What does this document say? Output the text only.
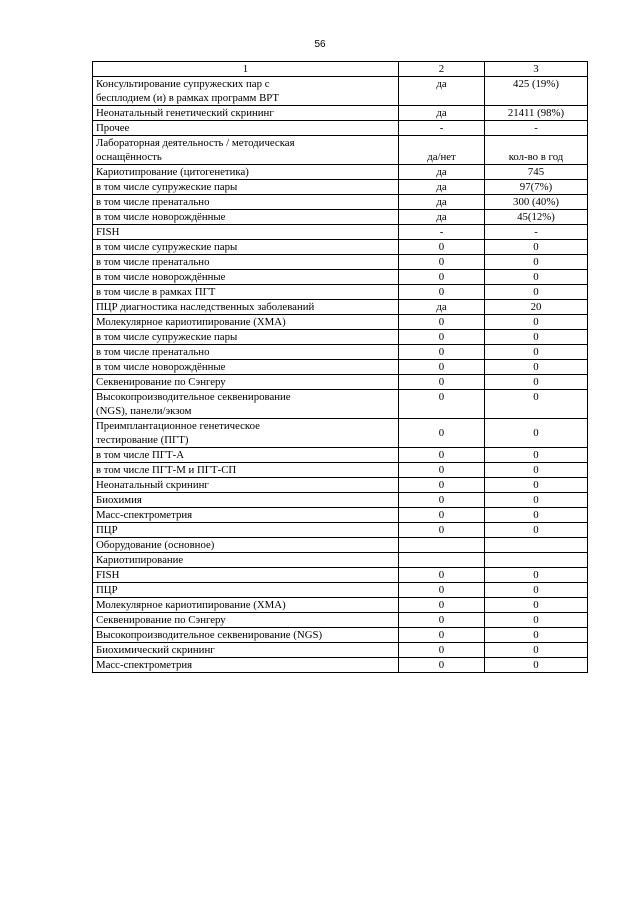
56
1	2	3
Консультирование супружеских пар с
бесплодием (и) в рамках программ ВРТ	да	425 (19%)
Неонатальный генетический скрининг	да	21411 (98%)
Прочее	-	-
Лабораторная деятельность / методическая
оснащённость	да/нет	кол-во в год
Кариотипрование (цитогенетика)	да	745
в том числе супружеские пары	да	97(7%)
в том числе пренатально	да	300 (40%)
в том числе новорождённые	да	45(12%)
FISH	-	-
в том числе супружеские пары	0	0
в том числе пренатально	0	0
в том числе новорождённые	0	0
в том числе в рамках ПГТ	0	0
ПЦР диагностика наследственных заболеваний	да	20
Молекулярное кариотипирование (ХМА)	0	0
в том числе супружеские пары	0	0
в том числе пренатально	0	0
в том числе новорождённые	0	0
Секвенирование по Сэнгеру	0	0
Высокопроизводительное секвенирование
(NGS), панели/экзом	0	0
Преимплантационное генетическое
тестирование (ПГТ)	0	0
в том числе ПГТ-А	0	0
в том числе ПГТ-М и ПГТ-СП	0	0
Неонатальный скрининг	0	0
Биохимия	0	0
Масс-спектрометрия	0	0
ПЦР	0	0
Оборудование (основное)		
Кариотипирование		
FISH	0	0
ПЦР	0	0
Молекулярное кариотипирование (ХМА)	0	0
Секвенирование по Сэнгеру	0	0
Высокопроизводительное секвенирование (NGS)	0	0
Биохимический скрининг	0	0
Масс-спектрометрия	0	0
